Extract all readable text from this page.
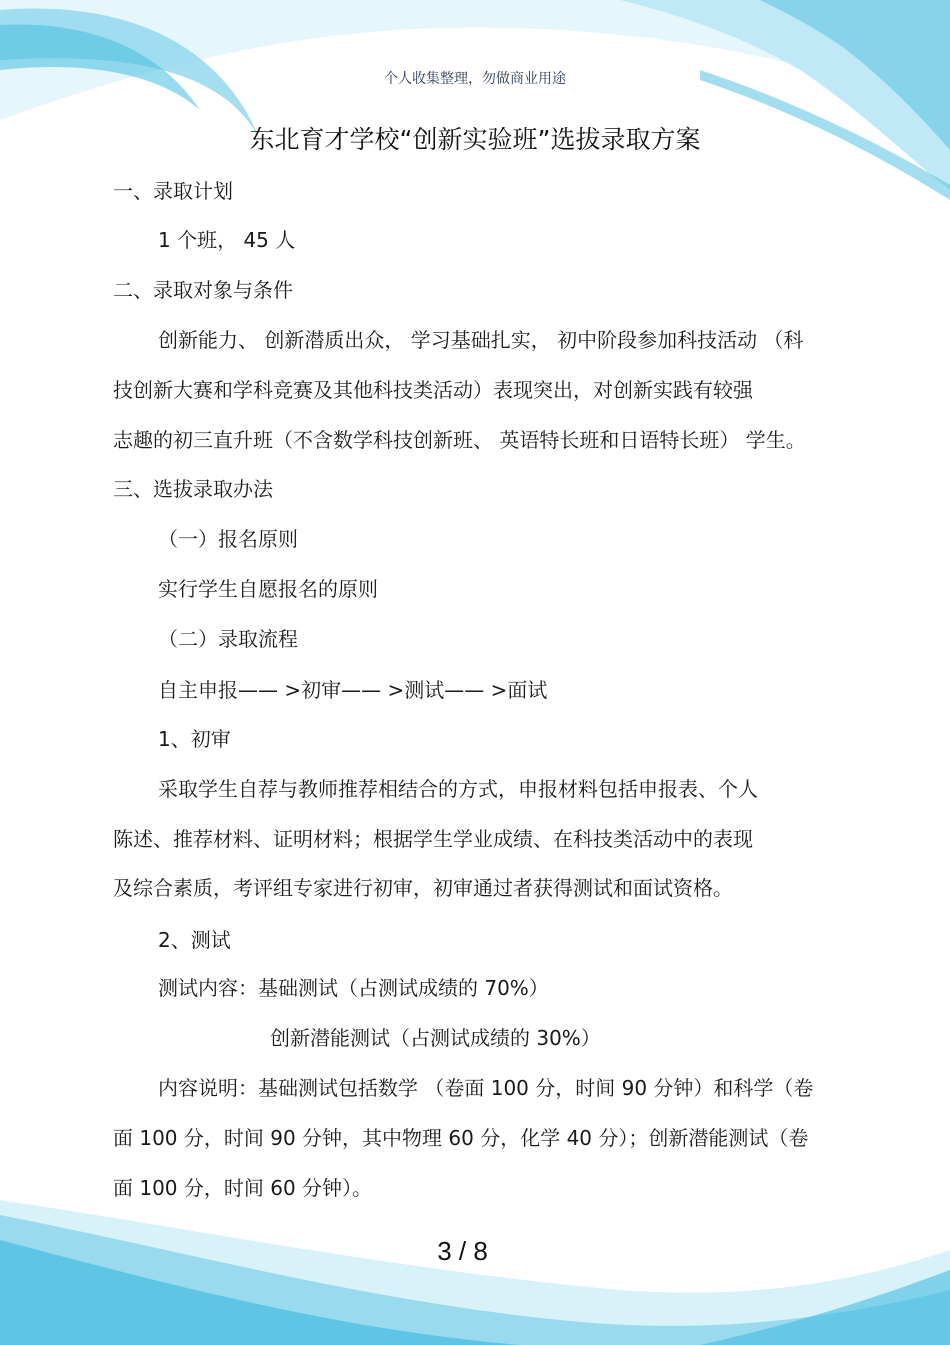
个人收集整理，勿做商业用途
东北育才学校“创新实验班”选拔录取方案
一、录取计划
1 个班， 45 人
二、录取对象与条件
创新能力、 创新潜质出众， 学习基础扎实， 初中阶段参加科技活动 （科
技创新大赛和学科竞赛及其他科技类活动）表现突出，对创新实践有较强
志趣的初三直升班（不含数学科技创新班、 英语特长班和日语特长班） 学生。
三、选拔录取办法
（一）报名原则
实行学生自愿报名的原则
（二）录取流程
自主申报—— >初审—— >测试—— >面试
1、初审
采取学生自荐与教师推荐相结合的方式，申报材料包括申报表、个人
陈述、推荐材料、证明材料；根据学生学业成绩、在科技类活动中的表现
及综合素质，考评组专家进行初审，初审通过者获得测试和面试资格。
2、测试
测试内容：基础测试（占测试成绩的 70%）
创新潜能测试（占测试成绩的 30%）
内容说明：基础测试包括数学 （卷面 100 分，时间 90 分钟）和科学（卷
面 100 分，时间 90 分钟，其中物理 60 分，化学 40 分）；创新潜能测试（卷
面 100 分，时间 60 分钟）。
3 / 8
